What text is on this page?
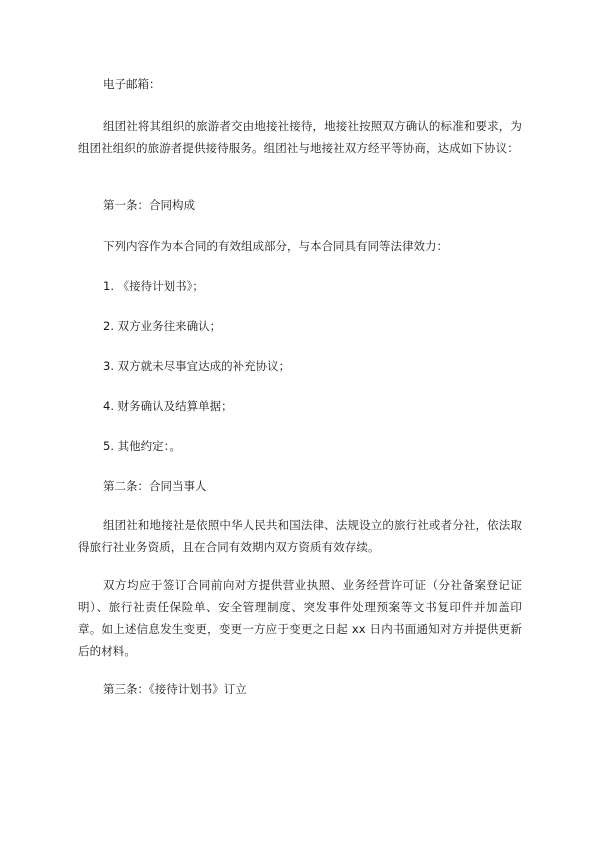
电子邮箱：

组团社将其组织的旅游者交由地接社接待，地接社按照双方确认的标准和要求，为组团社组织的旅游者提供接待服务。组团社与地接社双方经平等协商，达成如下协议：

第一条：合同构成

下列内容作为本合同的有效组成部分，与本合同具有同等法律效力：

1. 《接待计划书》；

2. 双方业务往来确认；

3. 双方就未尽事宜达成的补充协议；

4. 财务确认及结算单据；

5. 其他约定：。

第二条：合同当事人

组团社和地接社是依照中华人民共和国法律、法规设立的旅行社或者分社，依法取得旅行社业务资质，且在合同有效期内双方资质有效存续。

双方均应于签订合同前向对方提供营业执照、业务经营许可证（分社备案登记证明）、旅行社责任保险单、安全管理制度、突发事件处理预案等文书复印件并加盖印章。如上述信息发生变更，变更一方应于变更之日起 xx 日内书面通知对方并提供更新后的材料。

第三条：《接待计划书》订立
